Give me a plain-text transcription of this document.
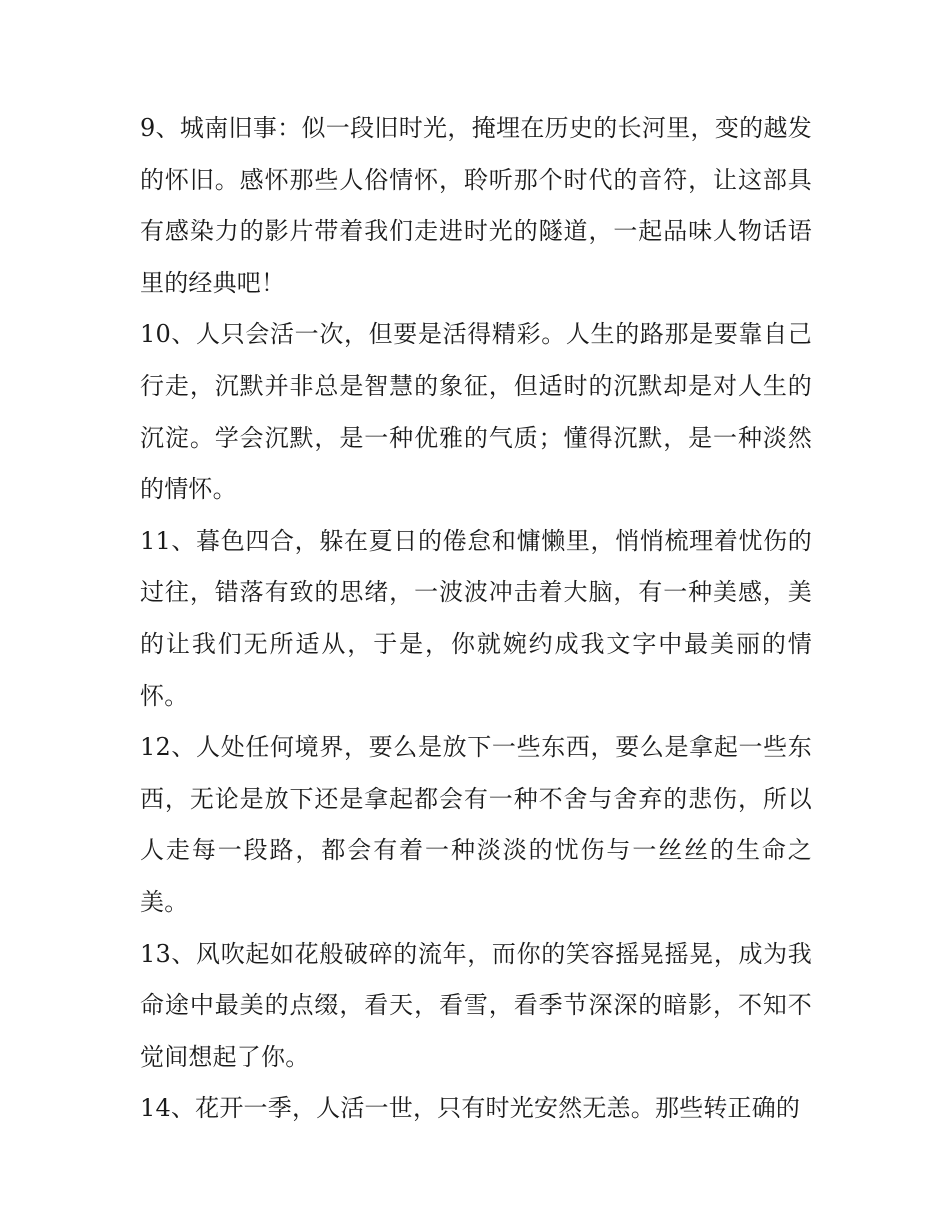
9、城南旧事：似一段旧时光，掩埋在历史的长河里，变的越发的怀旧。感怀那些人俗情怀，聆听那个时代的音符，让这部具有感染力的影片带着我们走进时光的隧道，一起品味人物话语里的经典吧！

10、人只会活一次，但要是活得精彩。人生的路那是要靠自己行走，沉默并非总是智慧的象征，但适时的沉默却是对人生的沉淀。学会沉默，是一种优雅的气质；懂得沉默，是一种淡然的情怀。

11、暮色四合，躲在夏日的倦怠和慵懒里，悄悄梳理着忧伤的过往，错落有致的思绪，一波波冲击着大脑，有一种美感，美的让我们无所适从，于是，你就婉约成我文字中最美丽的情怀。

12、人处任何境界，要么是放下一些东西，要么是拿起一些东西，无论是放下还是拿起都会有一种不舍与舍弃的悲伤，所以人走每一段路，都会有着一种淡淡的忧伤与一丝丝的生命之美。

13、风吹起如花般破碎的流年，而你的笑容摇晃摇晃，成为我命途中最美的点缀，看天，看雪，看季节深深的暗影，不知不觉间想起了你。

14、花开一季，人活一世，只有时光安然无恙。那些转正确的
